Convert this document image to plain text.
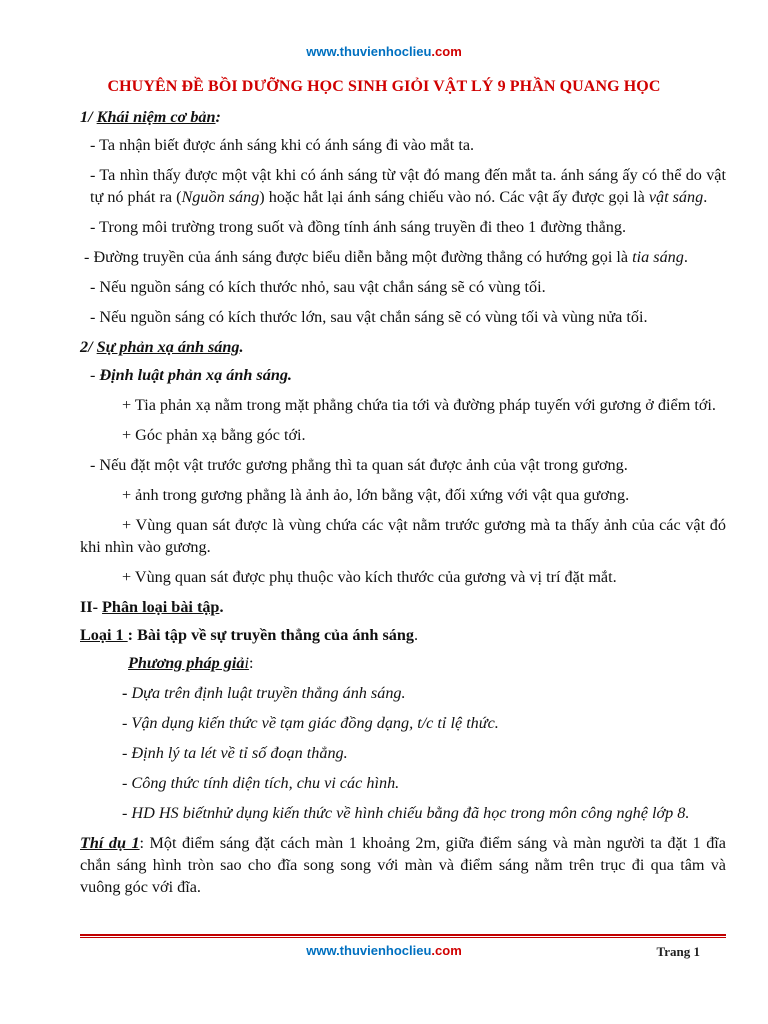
www.thuvienhoclieu.com
CHUYÊN ĐỀ BỒI DƯỠNG HỌC SINH GIỎI VẬT LÝ 9 PHẦN QUANG HỌC
1/ Khái niệm cơ bản:
- Ta nhận biết được ánh sáng khi có ánh sáng đi vào mắt ta.
- Ta nhìn thấy được một vật khi có ánh sáng từ vật đó mang đến mắt ta. ánh sáng ấy có thể do vật tự nó phát ra (Nguồn sáng) hoặc hắt lại ánh sáng chiếu vào nó. Các vật ấy được gọi là vật sáng.
- Trong môi trường trong suốt và đồng tính ánh sáng truyền đi theo 1 đường thẳng.
- Đường truyền của ánh sáng được biểu diễn bằng một đường thẳng có hướng gọi là tia sáng.
- Nếu nguồn sáng có kích thước nhỏ, sau vật chắn sáng sẽ có vùng tối.
- Nếu nguồn sáng có kích thước lớn, sau vật chắn sáng sẽ có vùng tối và vùng nửa tối.
2/ Sự phản xạ ánh sáng.
- Định luật phản xạ ánh sáng.
+ Tia phản xạ nằm trong mặt phẳng chứa tia tới và đường pháp tuyến với gương ở điểm tới.
+ Góc phản xạ bằng góc tới.
- Nếu đặt một vật trước gương phẳng thì ta quan sát được ảnh của vật trong gương.
+ ảnh trong gương phẳng là ảnh ảo, lớn bằng vật, đối xứng với vật qua gương.
+ Vùng quan sát được là vùng chứa các vật nằm trước gương mà ta thấy ảnh của các vật đó khi nhìn vào gương.
+ Vùng quan sát được phụ thuộc vào kích thước của gương và vị trí đặt mắt.
II- Phân loại bài tập.
Loại 1 : Bài tập về sự truyền thẳng của ánh sáng.
Phương pháp giải:
- Dựa trên định luật truyền thẳng ánh sáng.
- Vận dụng kiến thức về tạm giác đồng dạng, t/c tỉ lệ thức.
- Định lý ta lét về tỉ số đoạn thẳng.
- Công thức tính diện tích, chu vi các hình.
- HD HS biếtnhử dụng kiến thức về hình chiếu bằng đã học trong môn công nghệ lớp 8.
Thí dụ 1: Một điểm sáng đặt cách màn 1 khoảng 2m, giữa điểm sáng và màn người ta đặt 1 đĩa chắn sáng hình tròn sao cho đĩa song song với màn và điểm sáng nằm trên trục đi qua tâm và vuông góc với đĩa.
www.thuvienhoclieu.com	Trang 1
